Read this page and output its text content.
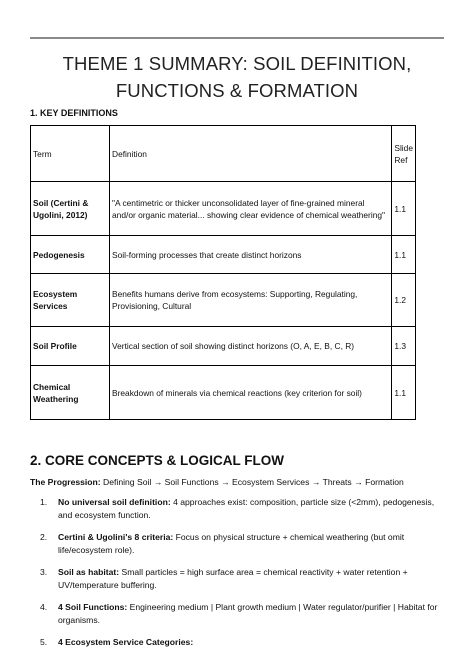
THEME 1 SUMMARY: SOIL DEFINITION, FUNCTIONS & FORMATION
1. KEY DEFINITIONS
Term	Definition	Slide Ref
Soil (Certini & Ugolini, 2012)	"A centimetric or thicker unconsolidated layer of fine-grained mineral and/or organic material... showing clear evidence of chemical weathering"	1.1
Pedogenesis	Soil-forming processes that create distinct horizons	1.1
Ecosystem Services	Benefits humans derive from ecosystems: Supporting, Regulating, Provisioning, Cultural	1.2
Soil Profile	Vertical section of soil showing distinct horizons (O, A, E, B, C, R)	1.3
Chemical Weathering	Breakdown of minerals via chemical reactions (key criterion for soil)	1.1
2. CORE CONCEPTS & LOGICAL FLOW
The Progression: Defining Soil → Soil Functions → Ecosystem Services → Threats → Formation
1. No universal soil definition: 4 approaches exist: composition, particle size (<2mm), pedogenesis, and ecosystem function.
2. Certini & Ugolini's 8 criteria: Focus on physical structure + chemical weathering (but omit life/ecosystem role).
3. Soil as habitat: Small particles = high surface area = chemical reactivity + water retention + UV/temperature buffering.
4. 4 Soil Functions: Engineering medium | Plant growth medium | Water regulator/purifier | Habitat for organisms.
5. 4 Ecosystem Service Categories:
